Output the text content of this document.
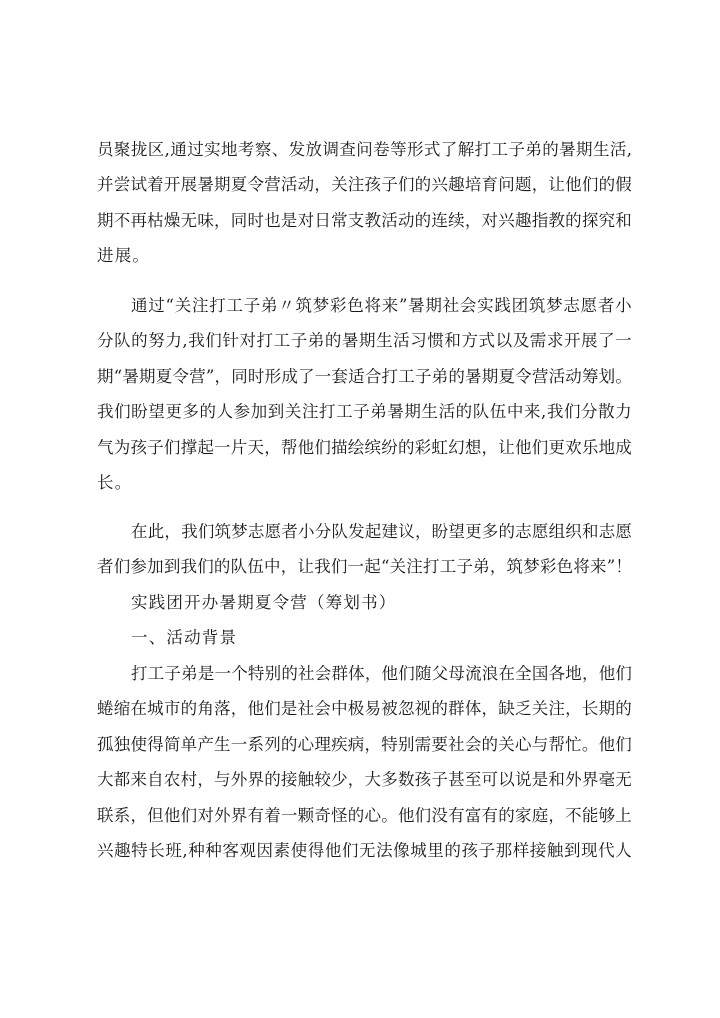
员 聚 拢 区 , 通 过 实 地 考 察 、 发 放 调 查 问 卷 等 形 式 了 解 打 工 子 弟 的 暑 期 生 活 ,
并 尝 试 着 开 展 暑 期 夏 令 营 活 动 ， 关 注 孩 子 们 的 兴 趣 培 育 问 题 ， 让 他 们 的 假
期 不 再 枯 燥 无 味 ， 同 时 也 是 对 日 常 支 教 活 动 的 连 续 ， 对 兴 趣 指 教 的 探 究 和
进展。
通 过 “ 关 注 打 工 子 弟 〃 筑 梦 彩 色 将 来 ” 暑 期 社 会 实 践 团 筑 梦 志 愿 者 小
分 队 的 努 力 , 我 们 针 对 打 工 子 弟 的 暑 期 生 活 习 惯 和 方 式 以 及 需 求 开 展 了 一
期 “ 暑 期 夏 令 营 ” ， 同 时 形 成 了 一 套 适 合 打 工 子 弟 的 暑 期 夏 令 营 活 动 筹 划 。
我 们 盼 望 更 多 的 人 参 加 到 关 注 打 工 子 弟 暑 期 生 活 的 队 伍 中 来 , 我 们 分 散 力
气 为 孩 子 们 撑 起 一 片 天 ， 帮 他 们 描 绘 缤 纷 的 彩 虹 幻 想 ， 让 他 们 更 欢 乐 地 成
长。
在 此 ， 我 们 筑 梦 志 愿 者 小 分 队 发 起 建 议 ， 盼 望 更 多 的 志 愿 组 织 和 志 愿
者 们 参 加 到 我 们 的 队 伍 中 ， 让 我 们 一 起 “ 关 注 打 工 子 弟 ， 筑 梦 彩 色 将 来 ” ！
实践团开办暑期夏令营（筹划书）
一、活动背景
打 工 子 弟 是 一 个 特 别 的 社 会 群 体 ， 他 们 随 父 母 流 浪 在 全 国 各 地 ， 他 们
蜷 缩 在 城 市 的 角 落 ， 他 们 是 社 会 中 极 易 被 忽 视 的 群 体 ， 缺 乏 关 注 ， 长 期 的
孤 独 使 得 简 单 产 生 一 系 列 的 心 理 疾 病 ， 特 别 需 要 社 会 的 关 心 与 帮 忙 。 他 们
大 都 来 自 农 村 ， 与 外 界 的 接 触 较 少 ， 大 多 数 孩 子 甚 至 可 以 说 是 和 外 界 毫 无
联 系 ， 但 他 们 对 外 界 有 着 一 颗 奇 怪 的 心 。 他 们 没 有 富 有 的 家 庭 ， 不 能 够 上
兴 趣 特 长 班 , 种 种 客 观 因 素 使 得 他 们 无 法 像 城 里 的 孩 子 那 样 接 触 到 现 代 人
